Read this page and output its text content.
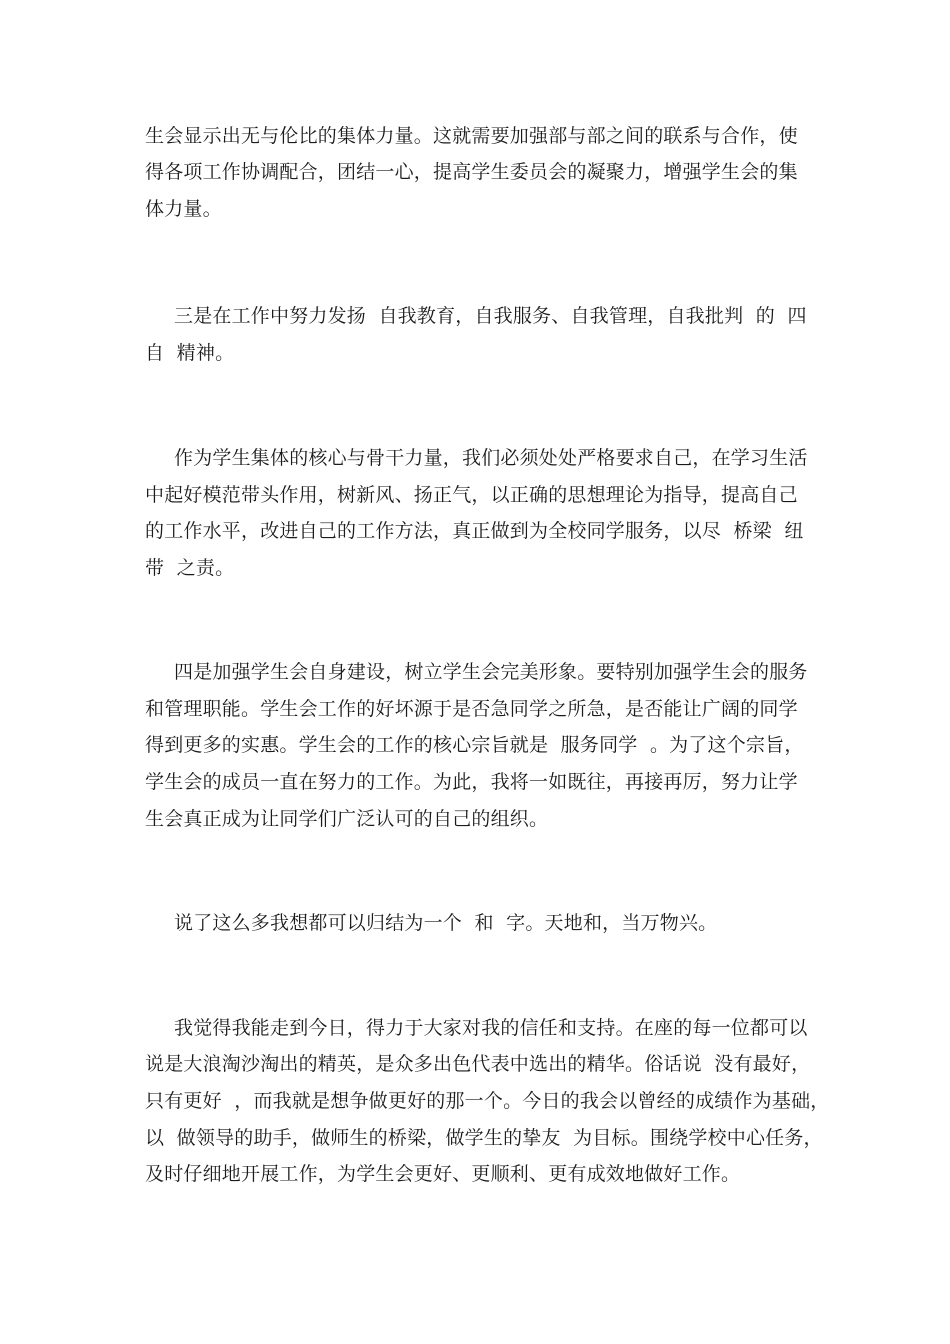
生会显示出无与伦比的集体力量。这就需要加强部与部之间的联系与合作，使
得各项工作协调配合，团结一心，提高学生委员会的凝聚力，增强学生会的集
体力量。
三是在工作中努力发扬  自我教育，自我服务、自我管理，自我批判  的  四
自  精神。
作为学生集体的核心与骨干力量，我们必须处处严格要求自己，在学习生活
中起好模范带头作用，树新风、扬正气，以正确的思想理论为指导，提高自己
的工作水平，改进自己的工作方法，真正做到为全校同学服务，以尽  桥梁  纽
带  之责。
四是加强学生会自身建设，树立学生会完美形象。要特别加强学生会的服务
和管理职能。学生会工作的好坏源于是否急同学之所急，是否能让广阔的同学
得到更多的实惠。学生会的工作的核心宗旨就是  服务同学  。为了这个宗旨，
学生会的成员一直在努力的工作。为此，我将一如既往，再接再厉，努力让学
生会真正成为让同学们广泛认可的自己的组织。
说了这么多我想都可以归结为一个  和  字。天地和，当万物兴。
我觉得我能走到今日，得力于大家对我的信任和支持。在座的每一位都可以
说是大浪淘沙淘出的精英，是众多出色代表中选出的精华。俗话说  没有最好，
只有更好  ，而我就是想争做更好的那一个。今日的我会以曾经的成绩作为基础，
以  做领导的助手，做师生的桥梁，做学生的挚友  为目标。围绕学校中心任务，
及时仔细地开展工作，为学生会更好、更顺利、更有成效地做好工作。
